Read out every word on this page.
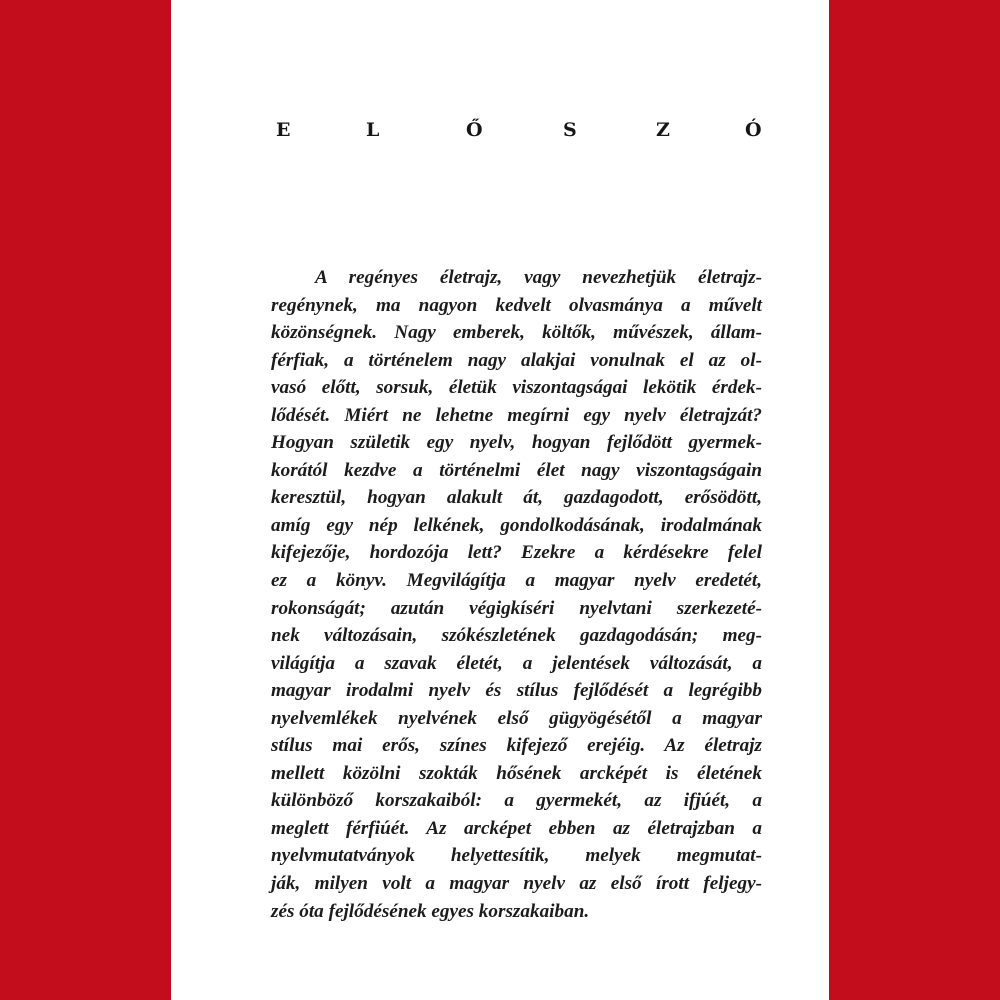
E	L	Ő	S	Z	Ó
A regényes életrajz, vagy nevezhetjük életrajz-
regénynek, ma nagyon kedvelt olvasmánya a művelt
közönségnek. Nagy emberek, költők, művészek, állam-
férfiak, a történelem nagy alakjai vonulnak el az ol-
vasó előtt, sorsuk, életük viszontagságai lekötik érdek-
lődését. Miért ne lehetne megírni egy nyelv életrajzát?
Hogyan születik egy nyelv, hogyan fejlődött gyermek-
korától kezdve a történelmi élet nagy viszontagságain
keresztül, hogyan alakult át, gazdagodott, erősödött,
amíg egy nép lelkének, gondolkodásának, irodalmának
kifejezője, hordozója lett? Ezekre a kérdésekre felel
ez a könyv. Megvilágítja a magyar nyelv eredetét,
rokonságát; azután végigkíséri nyelvtani szerkezeté-
nek változásain, szókészletének gazdagodásán; meg-
világítja a szavak életét, a jelentések változását, a
magyar irodalmi nyelv és stílus fejlődését a legrégibb
nyelvemlékek nyelvének első gügyögésétől a magyar
stílus mai erős, színes kifejező erejéig. Az életrajz
mellett közölni szokták hősének arcképét is életének
különböző korszakaiból: a gyermekét, az ifjúét, a
meglett férfiúét. Az arcképet ebben az életrajzban a
nyelvmutatványok helyettesítik, melyek megmutat-
ják, milyen volt a magyar nyelv az első írott feljegy-
zés óta fejlődésének egyes korszakaiban.
